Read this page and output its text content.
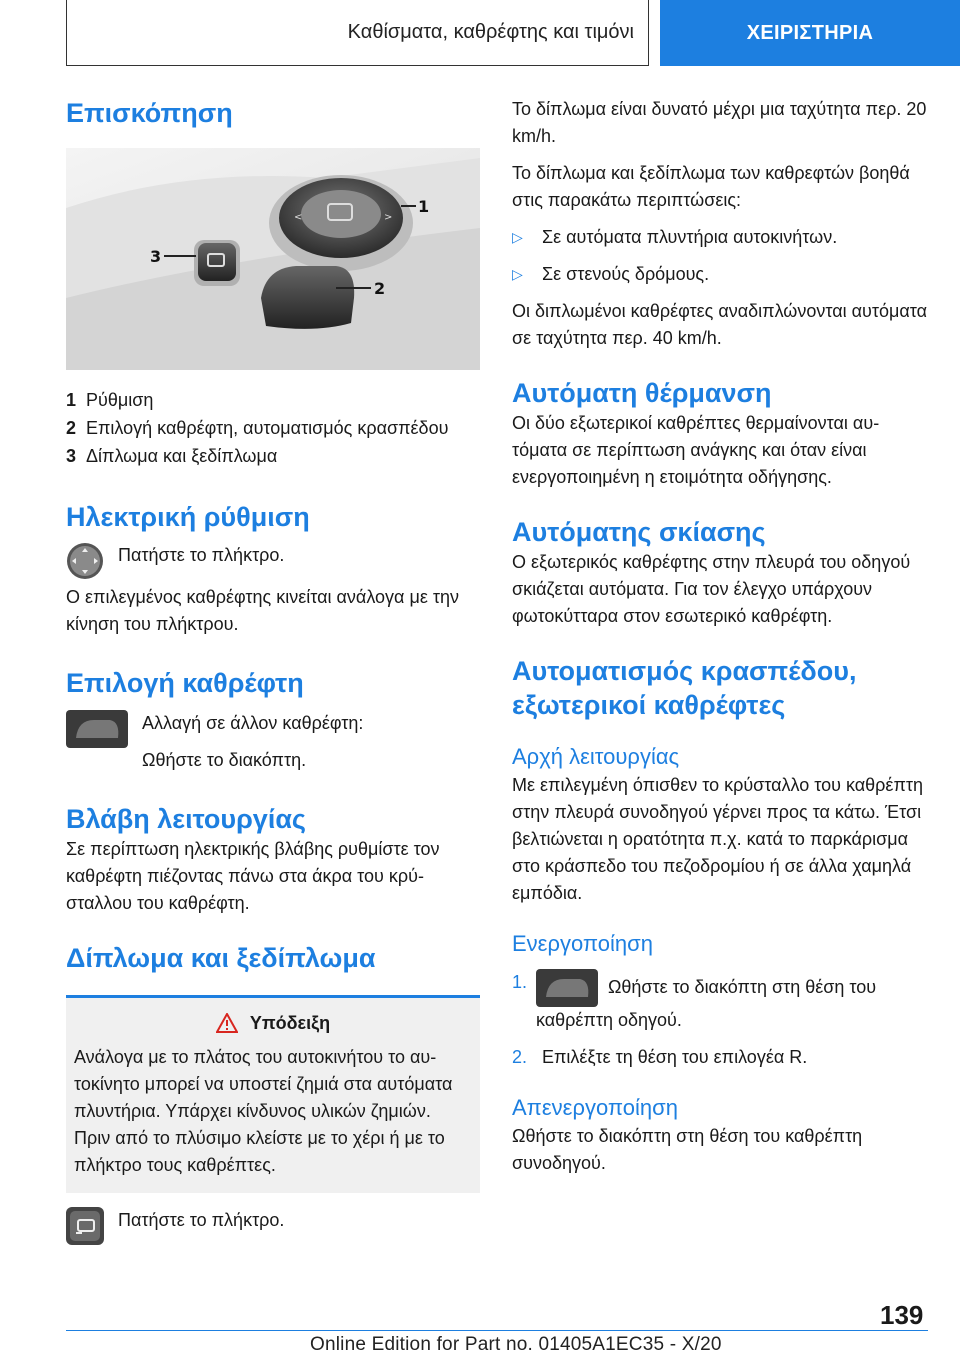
Καθίσματα, καθρέφτης και τιμόνι	ΧΕΙΡΙΣΤΗΡΙΑ
Επισκόπηση
<	>
1
2
3
1 Ρύθμιση
2 Επιλογή καθρέφτη, αυτοματισμός κρασπέδου
3 Δίπλωμα και ξεδίπλωμα
Ηλεκτρική ρύθμιση

Πατήστε το πλήκτρο.

Ο επιλεγμένος καθρέφτης κινείται ανάλογα με την κίνηση του πλήκτρου.

Επιλογή καθρέφτη

Αλλαγή σε άλλον καθρέφτη:

Ωθήστε το διακόπτη.

Βλάβη λειτουργίας

Σε περίπτωση ηλεκτρικής βλάβης ρυθμίστε τον καθρέφτη πιέζοντας πάνω στα άκρα του κρύσταλλου του καθρέφτη.

Δίπλωμα και ξεδίπλωμα
Υπόδειξη

Ανάλογα με το πλάτος του αυτοκινήτου το αυτοκίνητο μπορεί να υποστεί ζημιά στα αυτόματα πλυντήρια. Υπάρχει κίνδυνος υλικών ζημιών. Πριν από το πλύσιμο κλείστε με το χέρι ή με το πλήκτρο τους καθρέπτες.

Πατήστε το πλήκτρο.

Το δίπλωμα είναι δυνατό μέχρι μια ταχύτητα περ. 20 km/h.

Το δίπλωμα και ξεδίπλωμα των καθρεφτών βοηθά στις παρακάτω περιπτώσεις:

▷	Σε αυτόματα πλυντήρια αυτοκινήτων.
▷	Σε στενούς δρόμους.

Οι διπλωμένοι καθρέφτες αναδιπλώνονται αυτόματα σε ταχύτητα περ. 40 km/h.

Αυτόματη θέρμανση

Οι δύο εξωτερικοί καθρέπτες θερμαίνονται αυτόματα σε περίπτωση ανάγκης και όταν είναι ενεργοποιημένη η ετοιμότητα οδήγησης.

Αυτόματης σκίασης

Ο εξωτερικός καθρέφτης στην πλευρά του οδηγού σκιάζεται αυτόματα. Για τον έλεγχο υπάρχουν φωτοκύτταρα στον εσωτερικό καθρέφτη.

Αυτοματισμός κρασπέδου,
εξωτερικοί καθρέφτες
Αρχή λειτουργίας

Με επιλεγμένη όπισθεν το κρύσταλλο του καθρέπτη στην πλευρά συνοδηγού γέρνει προς τα κάτω. Έτσι βελτιώνεται η ορατότητα π.χ. κατά το παρκάρισμα στο κράσπεδο του πεζοδρομίου ή σε άλλα χαμηλά εμπόδια.

Ενεργοποίηση
1.	Ωθήστε το διακόπτη στη θέση του καθρέπτη οδηγού.
2. Επιλέξτε τη θέση του επιλογέα R.
Απενεργοποίηση

Ωθήστε το διακόπτη στη θέση του καθρέπτη συνοδηγού.

139
Online Edition for Part no. 01405A1EC35 - X/20
